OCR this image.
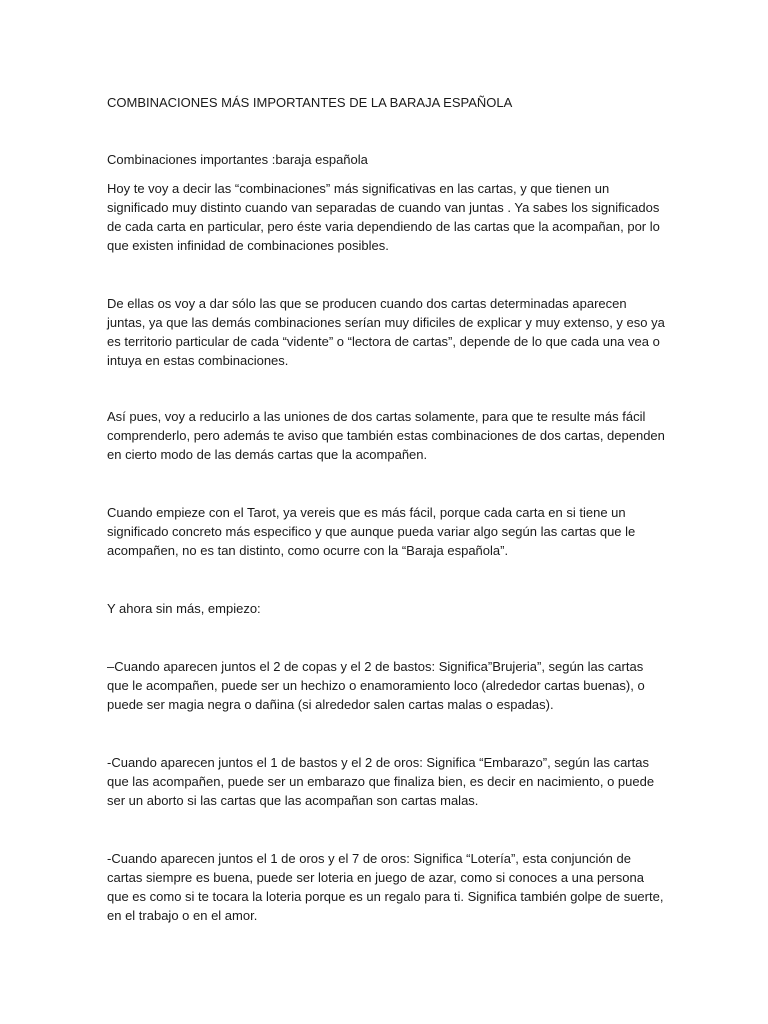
COMBINACIONES MÁS IMPORTANTES DE LA BARAJA ESPAÑOLA
Combinaciones importantes :baraja española

Hoy te voy a decir las “combinaciones” más significativas en las cartas, y que tienen un significado muy distinto cuando van separadas de cuando van juntas . Ya sabes los significados de cada carta en particular, pero éste varia dependiendo de las cartas que la acompañan, por lo que existen infinidad de combinaciones posibles.

De ellas os voy a dar sólo las que se producen cuando dos cartas determinadas aparecen juntas, ya que las demás combinaciones serían muy dificiles de explicar y muy extenso, y eso ya es territorio particular de cada “vidente” o “lectora de cartas”, depende de lo que cada una vea o intuya en estas combinaciones.

Así pues, voy a reducirlo a las uniones de dos cartas solamente, para que te resulte más fácil comprenderlo, pero además te aviso que también estas combinaciones de dos cartas, dependen en cierto modo de las demás cartas que la acompañen.

Cuando empieze con el Tarot, ya vereis que es más fácil, porque cada carta en si tiene un significado concreto más especifico y que aunque pueda variar algo según las cartas que le acompañen, no es tan distinto, como ocurre con la “Baraja española”.

Y ahora sin más, empiezo:

–Cuando aparecen juntos el 2 de copas y el 2 de bastos: Significa”Brujeria”, según las cartas que le acompañen, puede ser un hechizo o enamoramiento loco (alrededor cartas buenas), o puede ser magia negra o dañina (si alrededor salen cartas malas o espadas).

-Cuando aparecen juntos el 1 de bastos y el 2 de oros: Significa “Embarazo”, según las cartas que las acompañen, puede ser un embarazo que finaliza bien, es decir en nacimiento, o puede ser un aborto si las cartas que las acompañan son cartas malas.

-Cuando aparecen juntos el 1 de oros y el 7 de oros: Significa “Lotería”, esta conjunción de cartas siempre es buena, puede ser loteria en juego de azar, como si conoces a una persona que es como si te tocara la loteria porque es un regalo para ti. Significa también golpe de suerte, en el trabajo o en el amor.
